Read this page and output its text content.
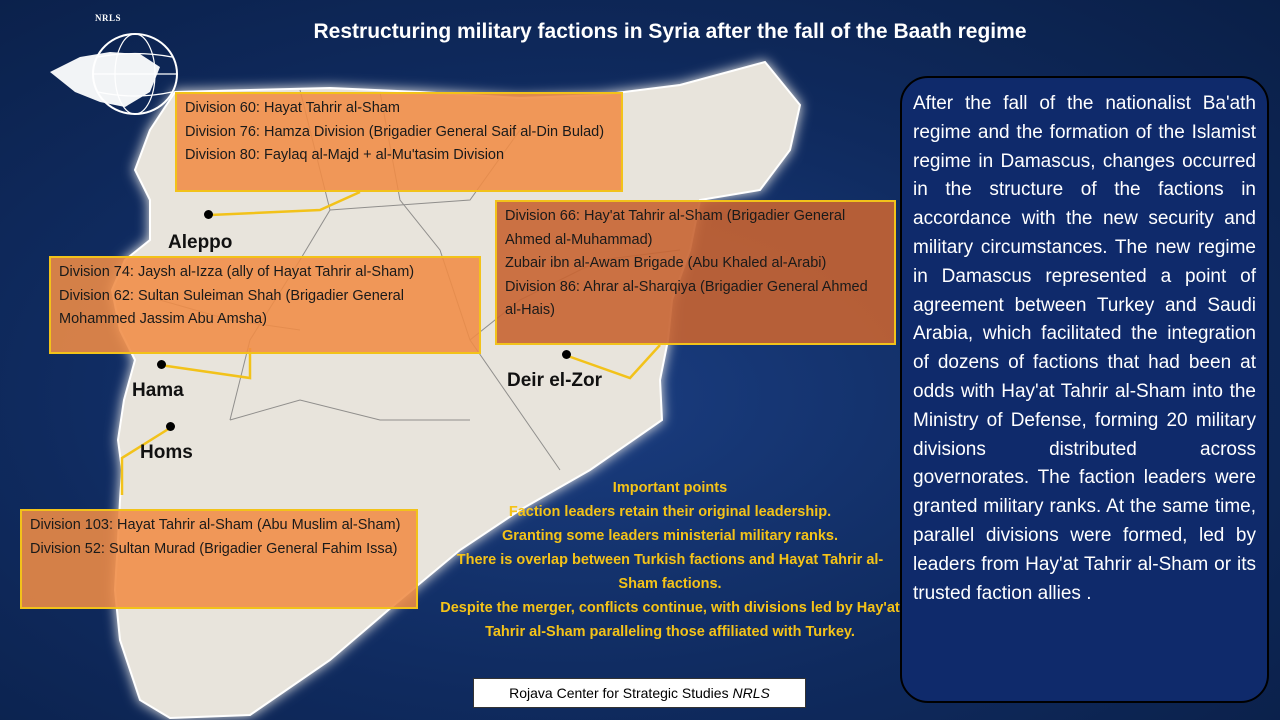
NRLS
Restructuring military factions in Syria after the fall of the Baath regime
Division 60: Hayat Tahrir al-Sham
Division 76: Hamza Division (Brigadier General Saif al-Din Bulad)
Division 80: Faylaq al-Majd + al-Mu'tasim Division
Division 66: Hay'at Tahrir al-Sham (Brigadier General Ahmed al-Muhammad)
Zubair ibn al-Awam Brigade (Abu Khaled al-Arabi)
Division 86: Ahrar al-Sharqiya (Brigadier General Ahmed al-Hais)
Division 74: Jaysh al-Izza (ally of Hayat Tahrir al-Sham)
Division 62: Sultan Suleiman Shah (Brigadier General Mohammed Jassim Abu Amsha)
Division 103: Hayat Tahrir al-Sham (Abu Muslim al-Sham)
Division 52: Sultan Murad (Brigadier General Fahim Issa)
Aleppo
Hama
Homs
Deir el-Zor
Important points
Faction leaders retain their original leadership.
Granting some leaders ministerial military ranks.
There is overlap between Turkish factions and Hayat Tahrir al-Sham factions.
Despite the merger, conflicts continue, with divisions led by Hay'at Tahrir al-Sham paralleling those affiliated with Turkey.

After the fall of the nationalist Ba'ath regime and the formation of the Islamist regime in Damascus, changes occurred in the structure of the factions in accordance with the new security and military circumstances. The new regime in Damascus represented a point of agreement between Turkey and Saudi Arabia, which facilitated the integration of dozens of factions that had been at odds with Hay'at Tahrir al-Sham into the Ministry of Defense, forming 20 military divisions distributed across governorates. The faction leaders were granted military ranks. At the same time, parallel divisions were formed, led by leaders from Hay'at Tahrir al-Sham or its trusted faction allies .

Rojava Center for Strategic Studies NRLS
